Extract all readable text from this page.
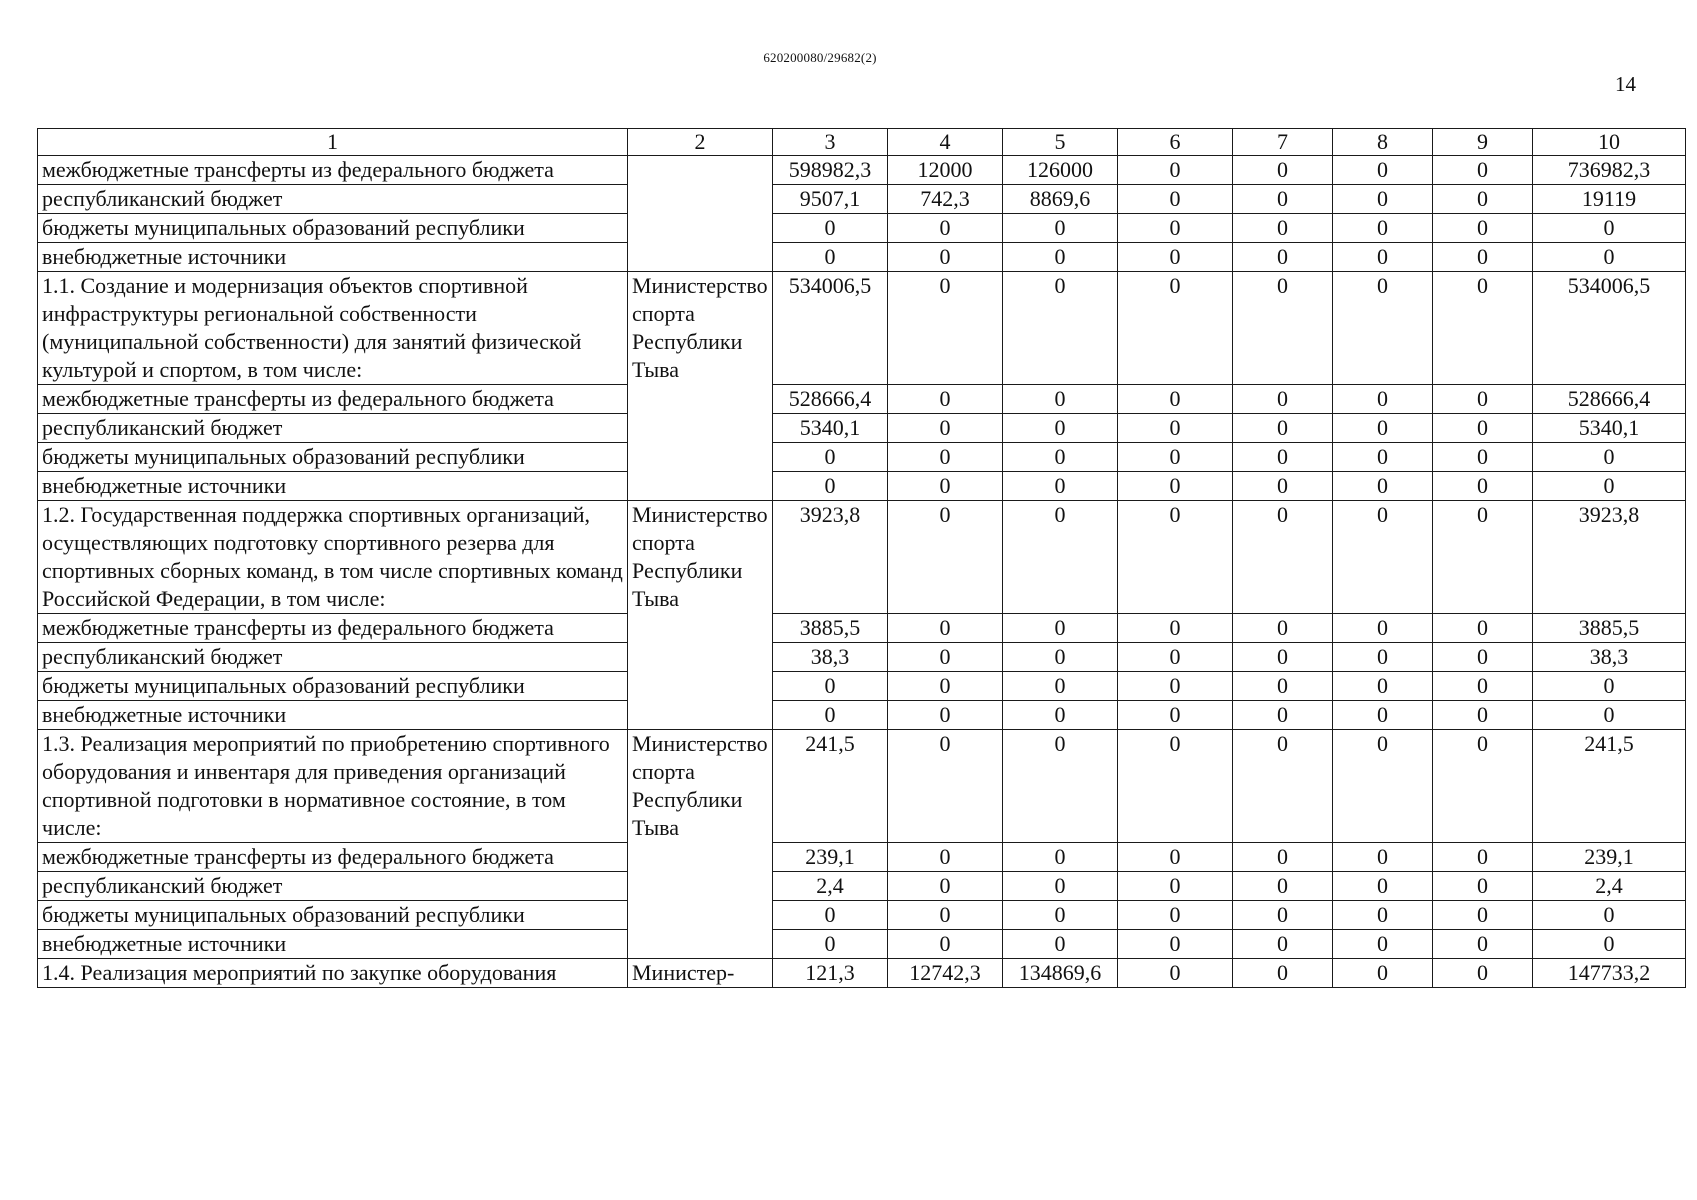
620200080/29682(2)
14
1	2	3	4	5	6	7	8	9	10
межбюджетные трансферты из федерального бюджета		598982,3	12000	126000	0	0	0	0	736982,3
республиканский бюджет		9507,1	742,3	8869,6	0	0	0	0	19119
бюджеты муниципальных образований республики		0	0	0	0	0	0	0	0
внебюджетные источники		0	0	0	0	0	0	0	0
1.1. Создание и модернизация объектов спортивной инфраструктуры региональной собственности (муниципальной собственности) для занятий физической культурой и спортом, в том числе:	Министерство спорта Республики Тыва	534006,5	0	0	0	0	0	0	534006,5
межбюджетные трансферты из федерального бюджета		528666,4	0	0	0	0	0	0	528666,4
республиканский бюджет		5340,1	0	0	0	0	0	0	5340,1
бюджеты муниципальных образований республики		0	0	0	0	0	0	0	0
внебюджетные источники		0	0	0	0	0	0	0	0
1.2. Государственная поддержка спортивных организаций, осуществляющих подготовку спортивного резерва для спортивных сборных команд, в том числе спортивных команд Российской Федерации, в том числе:	Министерство спорта Республики Тыва	3923,8	0	0	0	0	0	0	3923,8
межбюджетные трансферты из федерального бюджета		3885,5	0	0	0	0	0	0	3885,5
республиканский бюджет		38,3	0	0	0	0	0	0	38,3
бюджеты муниципальных образований республики		0	0	0	0	0	0	0	0
внебюджетные источники		0	0	0	0	0	0	0	0
1.3. Реализация мероприятий по приобретению спортивного оборудования и инвентаря для приведения организаций спортивной подготовки в нормативное состояние, в том числе:	Министерство спорта Республики Тыва	241,5	0	0	0	0	0	0	241,5
межбюджетные трансферты из федерального бюджета		239,1	0	0	0	0	0	0	239,1
республиканский бюджет		2,4	0	0	0	0	0	0	2,4
бюджеты муниципальных образований республики		0	0	0	0	0	0	0	0
внебюджетные источники		0	0	0	0	0	0	0	0
1.4. Реализация мероприятий по закупке оборудования	Министер-	121,3	12742,3	134869,6	0	0	0	0	147733,2
